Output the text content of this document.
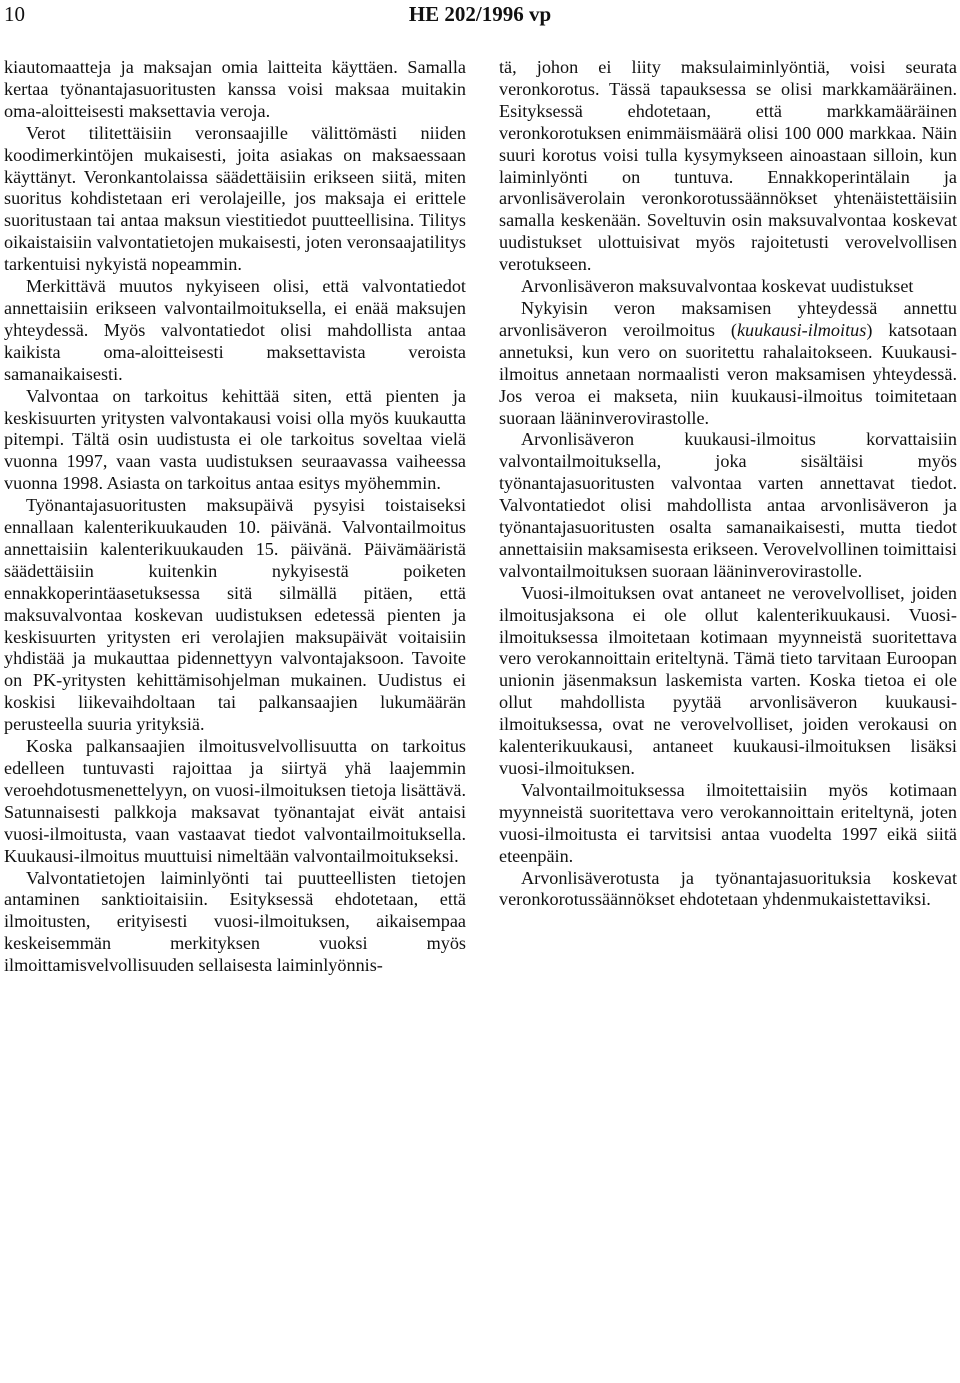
10	HE 202/1996 vp

kiautomaatteja ja maksajan omia laitteita käyttäen. Samalla kertaa työnantajasuoritusten kanssa voisi maksaa muitakin oma-aloitteisesti maksettavia veroja.

Verot tilitettäisiin veronsaajille välittömästi niiden koodimerkintöjen mukaisesti, joita asiakas on maksaessaan käyttänyt. Veronkantolaissa säädettäisiin erikseen siitä, miten suoritus kohdistetaan eri verolajeille, jos maksaja ei erittele suoritustaan tai antaa maksun viestitiedot puutteellisina. Tilitys oikaistaisiin valvontatietojen mukaisesti, joten veronsaajatilitys tarkentuisi nykyistä nopeammin.

Merkittävä muutos nykyiseen olisi, että valvontatiedot annettaisiin erikseen valvontailmoituksella, ei enää maksujen yhteydessä. Myös valvontatiedot olisi mahdollista antaa kaikista oma-aloitteisesti maksettavista veroista samanaikaisesti.

Valvontaa on tarkoitus kehittää siten, että pienten ja keskisuurten yritysten valvontakausi voisi olla myös kuukautta pitempi. Tältä osin uudistusta ei ole tarkoitus soveltaa vielä vuonna 1997, vaan vasta uudistuksen seuraavassa vaiheessa vuonna 1998. Asiasta on tarkoitus antaa esitys myöhemmin.

Työnantajasuoritusten maksupäivä pysyisi toistaiseksi ennallaan kalenterikuukauden 10. päivänä. Valvontailmoitus annettaisiin kalenterikuukauden 15. päivänä. Päivämääristä säädettäisiin kuitenkin nykyisestä poiketen ennakkoperintäasetuksessa sitä silmällä pitäen, että maksuvalvontaa koskevan uudistuksen edetessä pienten ja keskisuurten yritysten eri verolajien maksupäivät voitaisiin yhdistää ja mukauttaa pidennettyyn valvontajaksoon. Tavoite on PK-yritysten kehittämisohjelman mukainen. Uudistus ei koskisi liikevaihdoltaan tai palkansaajien lukumäärän perusteella suuria yrityksiä.

Koska palkansaajien ilmoitusvelvollisuutta on tarkoitus edelleen tuntuvasti rajoittaa ja siirtyä yhä laajemmin veroehdotusmenettelyyn, on vuosi-ilmoituksen tietoja lisättävä. Satunnaisesti palkkoja maksavat työnantajat eivät antaisi vuosi-ilmoitusta, vaan vastaavat tiedot valvontailmoituksella. Kuukausi-ilmoitus muuttuisi nimeltään valvontailmoitukseksi.

Valvontatietojen laiminlyönti tai puutteellisten tietojen antaminen sanktioitaisiin. Esityksessä ehdotetaan, että ilmoitusten, erityisesti vuosi-ilmoituksen, aikaisempaa keskeisemmän merkityksen vuoksi myös ilmoittamisvelvollisuuden sellaisesta laiminlyönnis-

tä, johon ei liity maksulaiminlyöntiä, voisi seurata veronkorotus. Tässä tapauksessa se olisi markkamääräinen. Esityksessä ehdotetaan, että markkamääräinen veronkorotuksen enimmäismäärä olisi 100 000 markkaa. Näin suuri korotus voisi tulla kysymykseen ainoastaan silloin, kun laiminlyönti on tuntuva. Ennakkoperintälain ja arvonlisäverolain veronkorotussäännökset yhtenäistettäisiin samalla keskenään. Soveltuvin osin maksuvalvontaa koskevat uudistukset ulottuisivat myös rajoitetusti verovelvollisen verotukseen.

Arvonlisäveron maksuvalvontaa koskevat uudistukset

Nykyisin veron maksamisen yhteydessä annettu arvonlisäveron veroilmoitus (kuukausi-ilmoitus) katsotaan annetuksi, kun vero on suoritettu rahalaitokseen. Kuukausi-ilmoitus annetaan normaalisti veron maksamisen yhteydessä. Jos veroa ei makseta, niin kuukausi-ilmoitus toimitetaan suoraan lääninverovirastolle.

Arvonlisäveron kuukausi-ilmoitus korvattaisiin valvontailmoituksella, joka sisältäisi myös työnantajasuoritusten valvontaa varten annettavat tiedot. Valvontatiedot olisi mahdollista antaa arvonlisäveron ja työnantajasuoritusten osalta samanaikaisesti, mutta tiedot annettaisiin maksamisesta erikseen. Verovelvollinen toimittaisi valvontailmoituksen suoraan lääninverovirastolle.

Vuosi-ilmoituksen ovat antaneet ne verovelvolliset, joiden ilmoitusjaksona ei ole ollut kalenterikuukausi. Vuosi-ilmoituksessa ilmoitetaan kotimaan myynneistä suoritettava vero verokannoittain eriteltynä. Tämä tieto tarvitaan Euroopan unionin jäsenmaksun laskemista varten. Koska tietoa ei ole ollut mahdollista pyytää arvonlisäveron kuukausi-ilmoituksessa, ovat ne verovelvolliset, joiden verokausi on kalenterikuukausi, antaneet kuukausi-ilmoituksen lisäksi vuosi-ilmoituksen.

Valvontailmoituksessa ilmoitettaisiin myös kotimaan myynneistä suoritettava vero verokannoittain eriteltynä, joten vuosi-ilmoitusta ei tarvitsisi antaa vuodelta 1997 eikä siitä eteenpäin.

Arvonlisäverotusta ja työnantajasuorituksia koskevat veronkorotussäännökset ehdotetaan yhdenmukaistettaviksi.
